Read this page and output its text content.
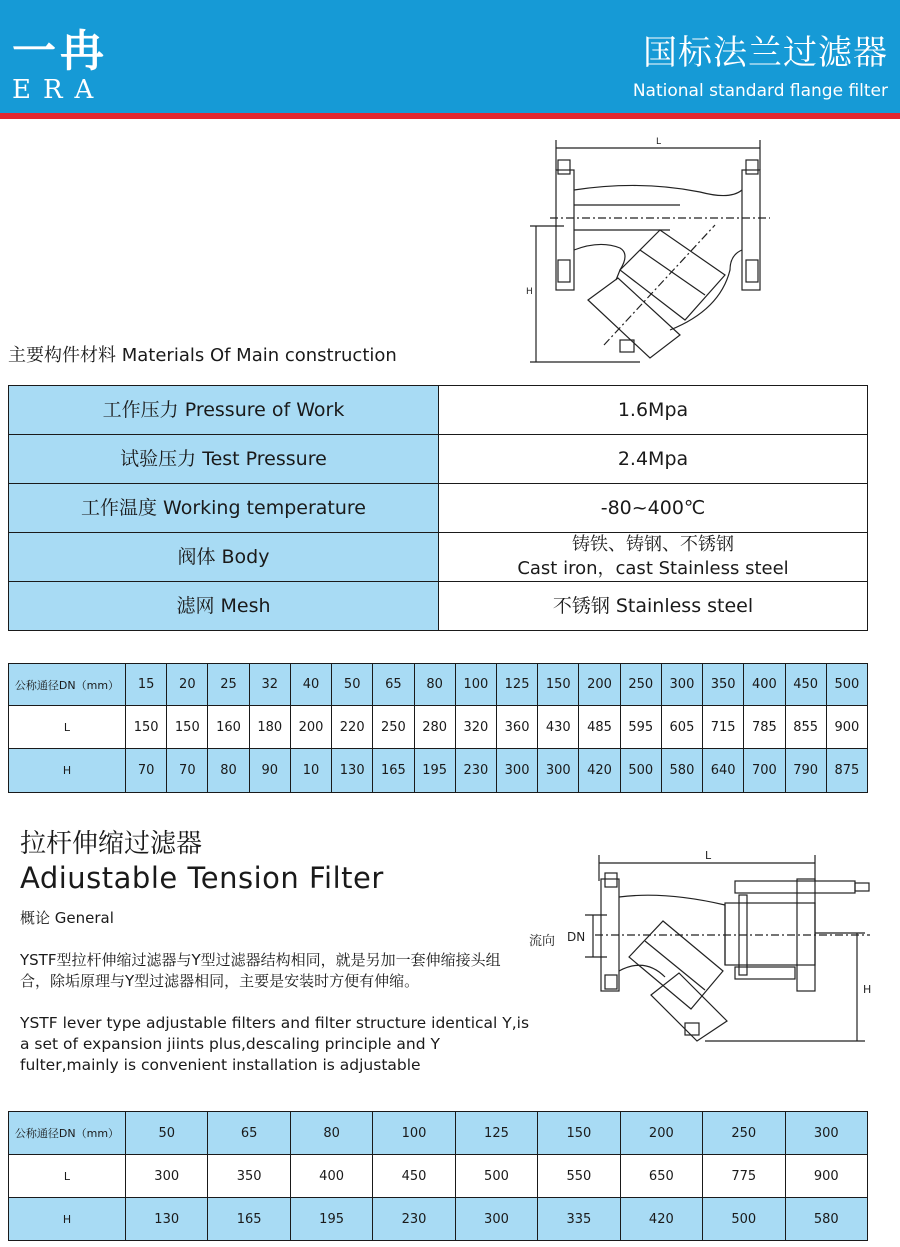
一冉
ERA
国标法兰过滤器
National standard flange filter
L
H
主要构件材料 Materials Of Main construction
工作压力 Pressure of Work	1.6Mpa
试验压力 Test Pressure	2.4Mpa
工作温度 Working temperature	-80~400℃
阀体 Body	铸铁、铸钢、不锈钢
Cast iron，cast Stainless steel

滤网 Mesh	不锈钢 Stainless steel
公称通径DN（mm）	15	20	25	32	40	50	65	80	100	125	150	200	250	300	350	400	450	500
L	150	150	160	180	200	220	250	280	320	360	430	485	595	605	715	785	855	900
H	70	70	80	90	10	130	165	195	230	300	300	420	500	580	640	700	790	875
拉杆伸缩过滤器
Adiustable Tension Filter
概论 General
YSTF型拉杆伸缩过滤器与Y型过滤器结构相同，就是另加一套伸缩接头组合，除垢原理与Y型过滤器相同，主要是安装时方便有伸缩。
YSTF lever type adjustable filters and filter structure identical Y,is a set of expansion jiints plus,descaling principle and Y fulter,mainly is convenient installation is adjustable
L
DN
流向
H
公称通径DN（mm）	50	65	80	100	125	150	200	250	300
L	300	350	400	450	500	550	650	775	900
H	130	165	195	230	300	335	420	500	580
